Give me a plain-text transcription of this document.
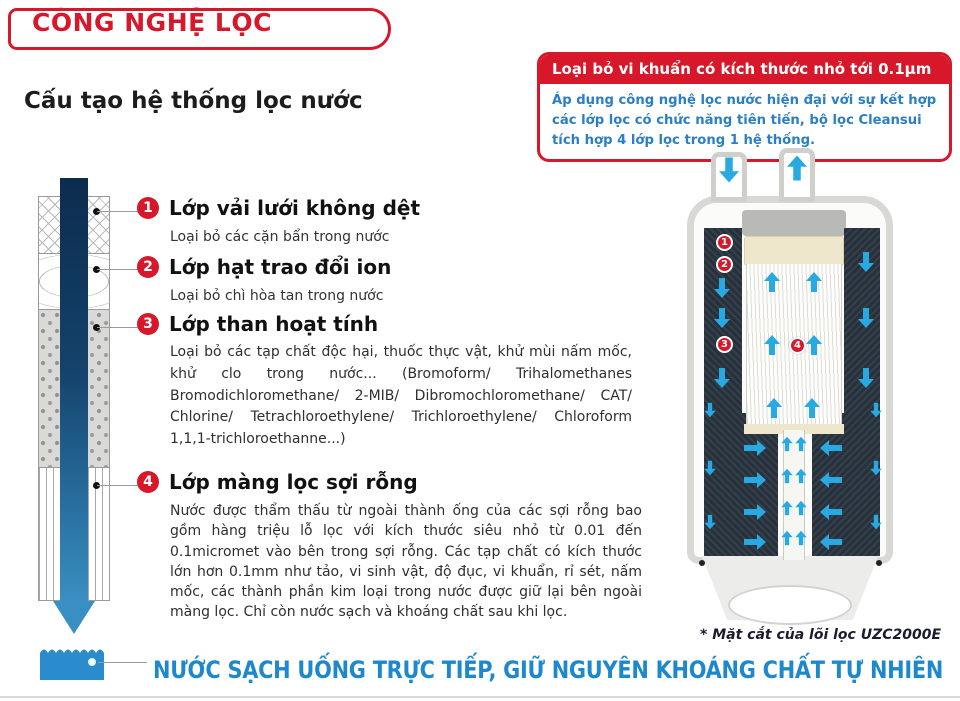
CÔNG NGHỆ LỌC
Cấu tạo hệ thống lọc nước
Loại bỏ vi khuẩn có kích thước nhỏ tới 0.1μm
Áp dụng công nghệ lọc nước hiện đại với sự kết hợp các lớp lọc có chức năng tiên tiến, bộ lọc Cleansui tích hợp 4 lớp lọc trong 1 hệ thống.
1 Lớp vải lưới không dệt
Loại bỏ các cặn bẩn trong nước
2 Lớp hạt trao đổi ion
Loại bỏ chì hòa tan trong nước
3 Lớp than hoạt tính
Loại bỏ các tạp chất độc hại, thuốc thực vật, khử mùi nấm mốc, khử clo trong nước... (Bromoform/ Trihalomethanes Bromodichloromethane/ 2-MIB/ Dibromochloromethane/ CAT/ Chlorine/ Tetrachloroethylene/ Trichloroethylene/ Chloroform 1,1,1-trichloroethanne...)
4 Lớp màng lọc sợi rỗng
Nước được thẩm thấu từ ngoài thành ống của các sợi rỗng bao gồm hàng triệu lỗ lọc với kích thước siêu nhỏ từ 0.01 đến 0.1micromet vào bên trong sợi rỗng. Các tạp chất có kích thước lớn hơn 0.1mm như tảo, vi sinh vật, độ đục, vi khuẩn, rỉ sét, nấm mốc, các thành phần kim loại trong nước được giữ lại bên ngoài màng lọc. Chỉ còn nước sạch và khoáng chất sau khi lọc.
1
2
3	4
* Mặt cắt của lõi lọc UZC2000E
NƯỚC SẠCH UỐNG TRỰC TIẾP, GIỮ NGUYÊN KHOÁNG CHẤT TỰ NHIÊN
